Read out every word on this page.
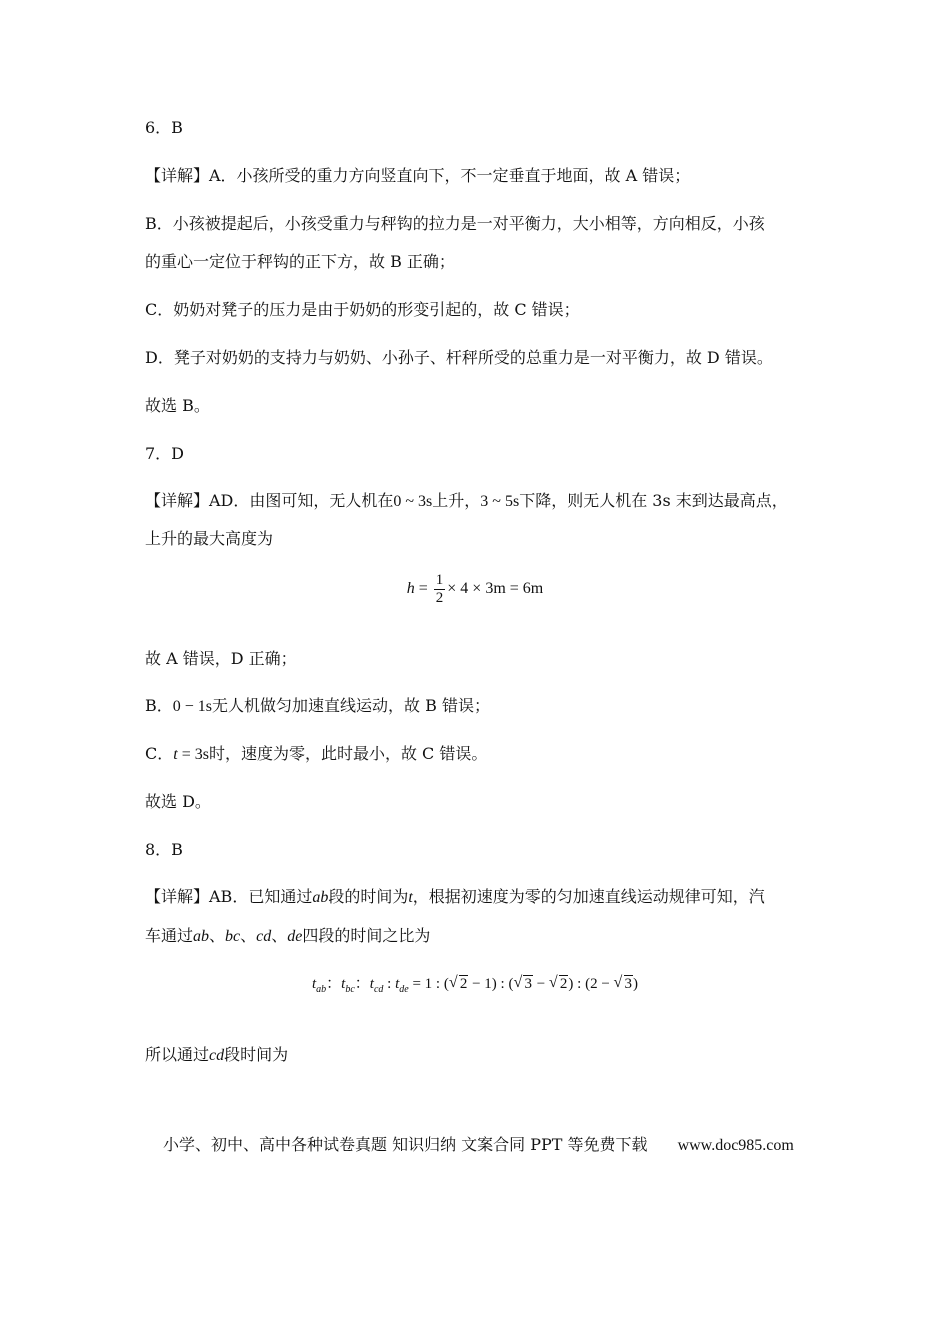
6．B
【详解】A．小孩所受的重力方向竖直向下，不一定垂直于地面，故 A 错误；
B．小孩被提起后，小孩受重力与秤钩的拉力是一对平衡力，大小相等，方向相反，小孩
的重心一定位于秤钩的正下方，故 B 正确；
C．奶奶对凳子的压力是由于奶奶的形变引起的，故 C 错误；
D．凳子对奶奶的支持力与奶奶、小孙子、杆秤所受的总重力是一对平衡力，故 D 错误。
故选 B。
7．D
【详解】AD．由图可知，无人机在0 ~ 3s上升，3 ~ 5s下降，则无人机在 3s 末到达最高点，
上升的最大高度为
$h = \frac{1}{2} \times 4 \times 3m = 6m$
故 A 错误，D 正确；
B．0 − 1s无人机做匀加速直线运动，故 B 错误；
C．t = 3s时，速度为零，此时最小，故 C 错误。
故选 D。
8．B
【详解】AB．已知通过ab段的时间为t，根据初速度为零的匀加速直线运动规律可知，汽
车通过ab、bc、cd、de四段的时间之比为
$t_{ab}$：$t_{bc}$：$t_{cd}$ : $t_{de} = 1$ : ( √ 2 − 1) : ( √ 3 − √ 2) : (2 − √ 3)
所以通过cd段时间为
小学、初中、高中各种试卷真题 知识归纳 文案合同 PPT 等免费下载 www.doc985.com
